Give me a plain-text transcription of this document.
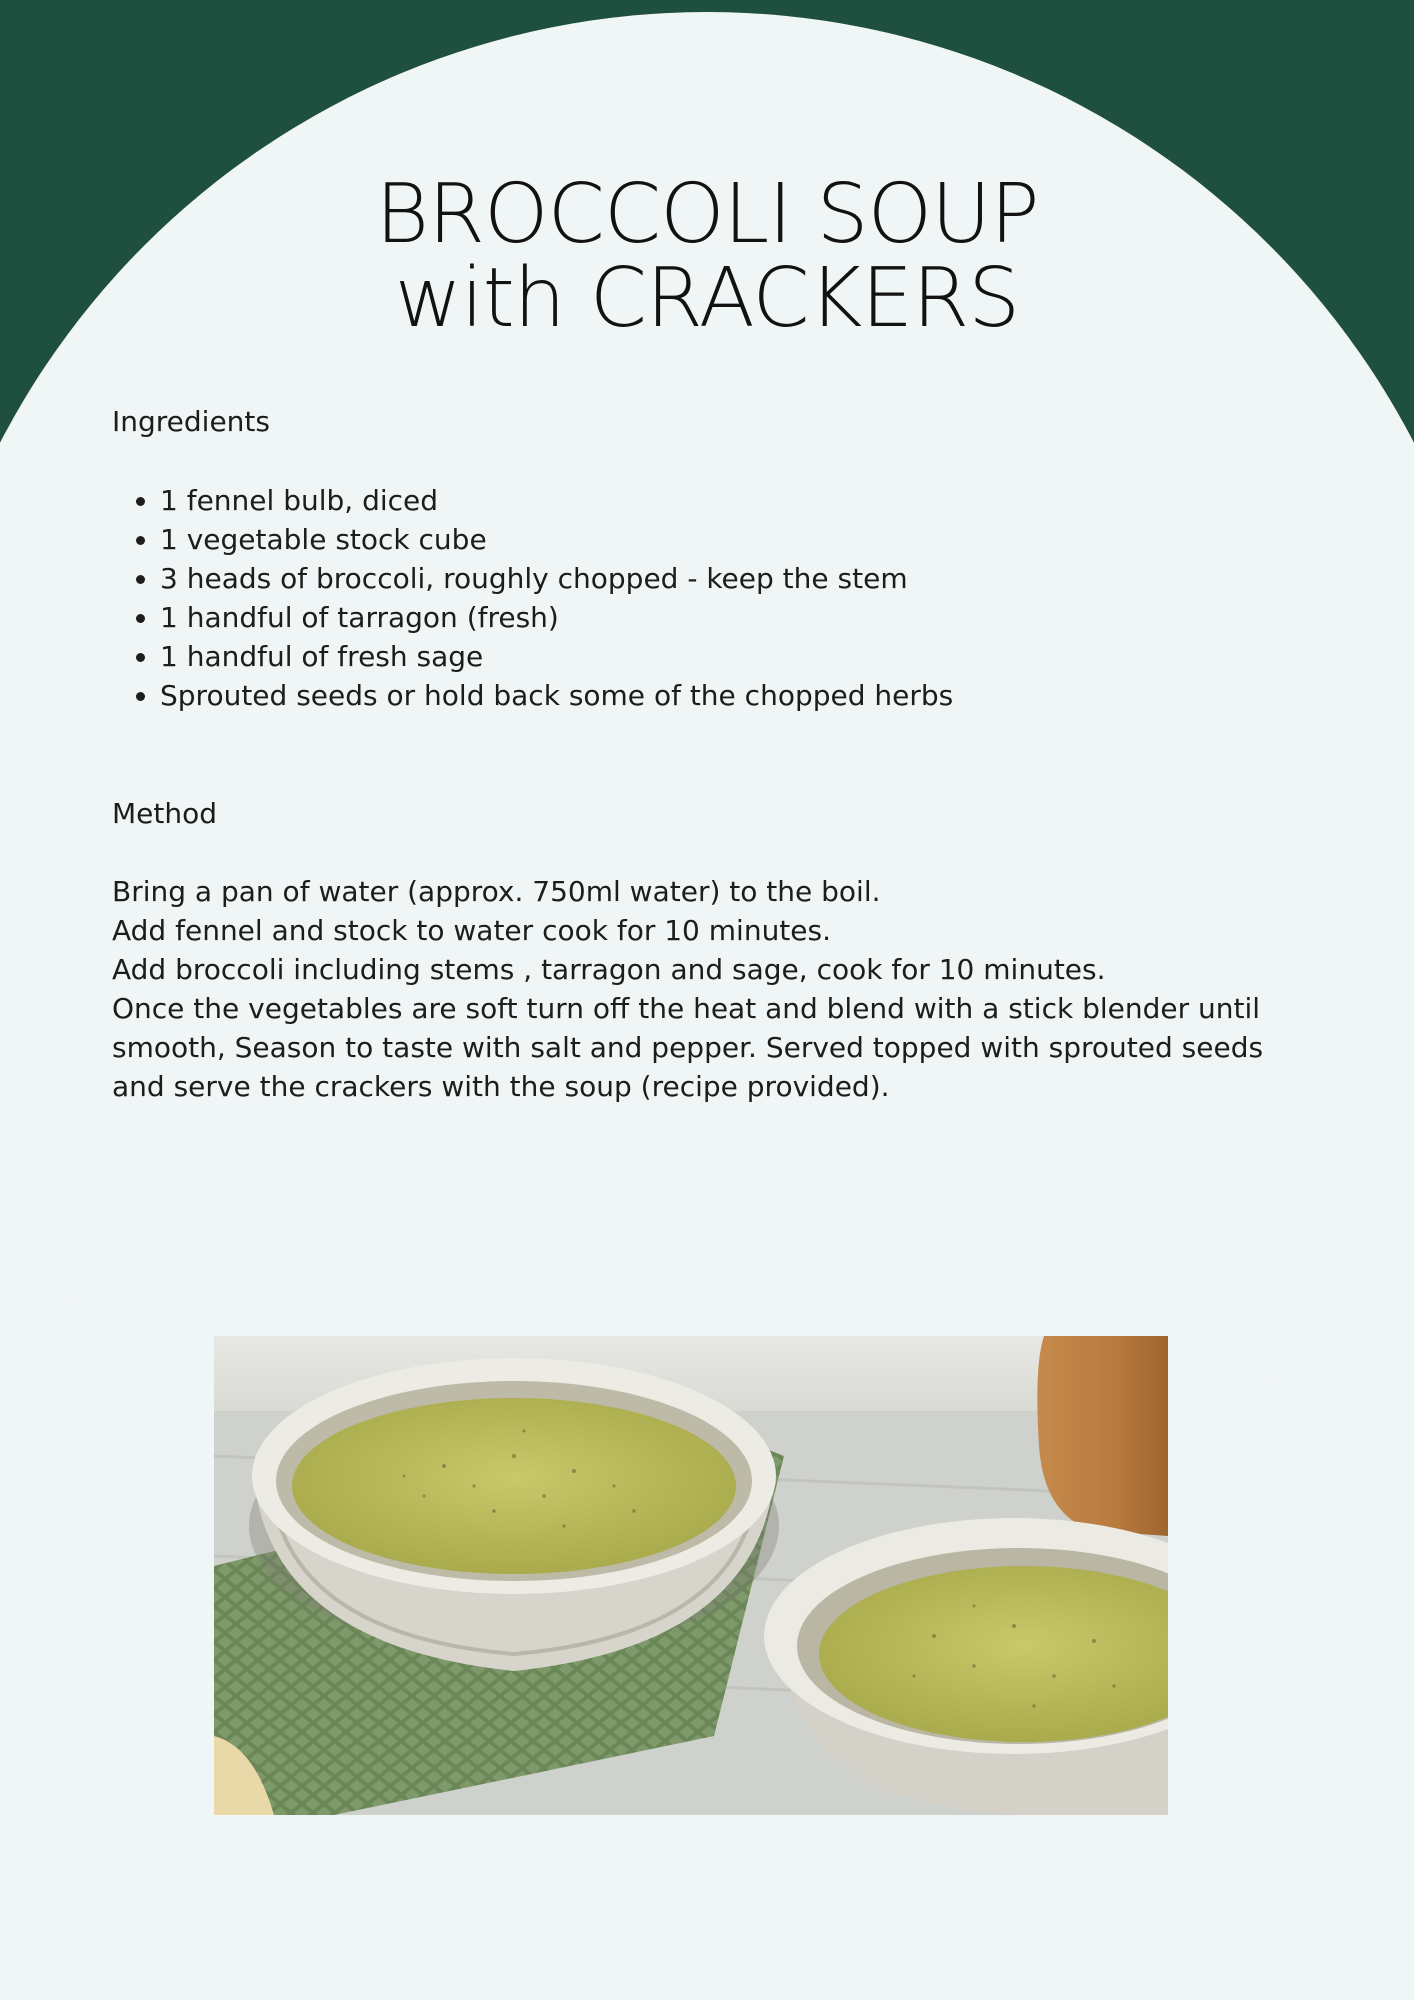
BROCCOLI SOUP
with CRACKERS
Ingredients
• 1 fennel bulb, diced
• 1 vegetable stock cube
• 3 heads of broccoli, roughly chopped - keep the stem
• 1 handful of tarragon (fresh)
• 1 handful of fresh sage
• Sprouted seeds or hold back some of the chopped herbs
Method

Bring a pan of water (approx. 750ml water) to the boil.

Add fennel and stock to water cook for 10 minutes.

Add broccoli including stems , tarragon and sage, cook for 10 minutes.

Once the vegetables are soft turn off the heat and blend with a stick blender until smooth, Season to taste with salt and pepper. Served topped with sprouted seeds and serve the crackers with the soup (recipe provided).
